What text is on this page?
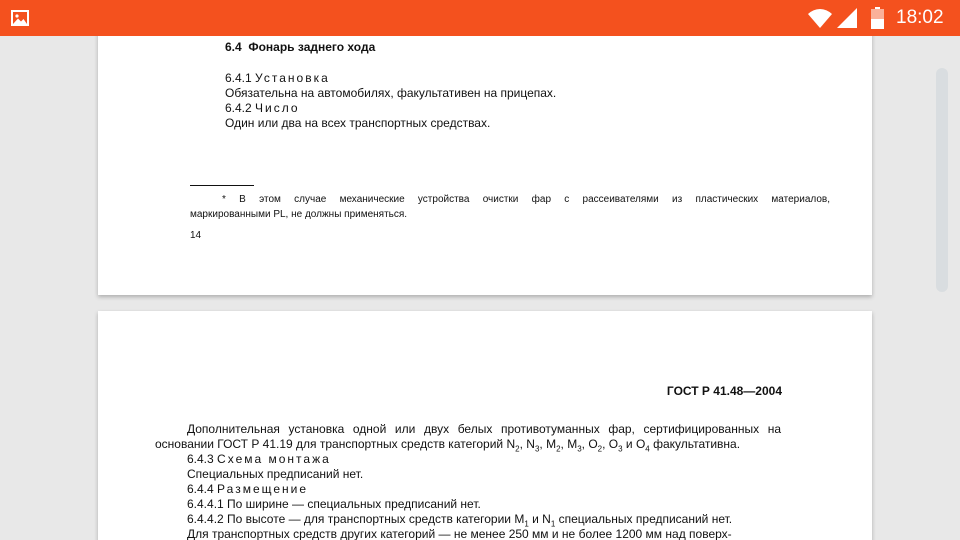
18:02
6.4 Фонарь заднего хода
6.4.1 Установка
Обязательна на автомобилях, факультативен на прицепах.
6.4.2 Число
Один или два на всех транспортных средствах.
* В этом случае механические устройства очистки фар с рассеивателями из пластических материалов,
маркированными PL, не должны применяться.
14
ГОСТ Р 41.48—2004
Дополнительная установка одной или двух белых противотуманных фар, сертифицированных на
основании ГОСТ Р 41.19 для транспортных средств категорий $N_2$, $N_3$, $M_2$, $M_3$, $O_2$, $O_3$ и $O_4$ факультативна.
6.4.3 Схема монтажа
Специальных предписаний нет.
6.4.4 Размещение
6.4.4.1 По ширине — специальных предписаний нет.
6.4.4.2 По высоте — для транспортных средств категории $M_1$ и $N_1$ специальных предписаний нет.
Для транспортных средств других категорий — не менее 250 мм и не более 1200 мм над поверх-
